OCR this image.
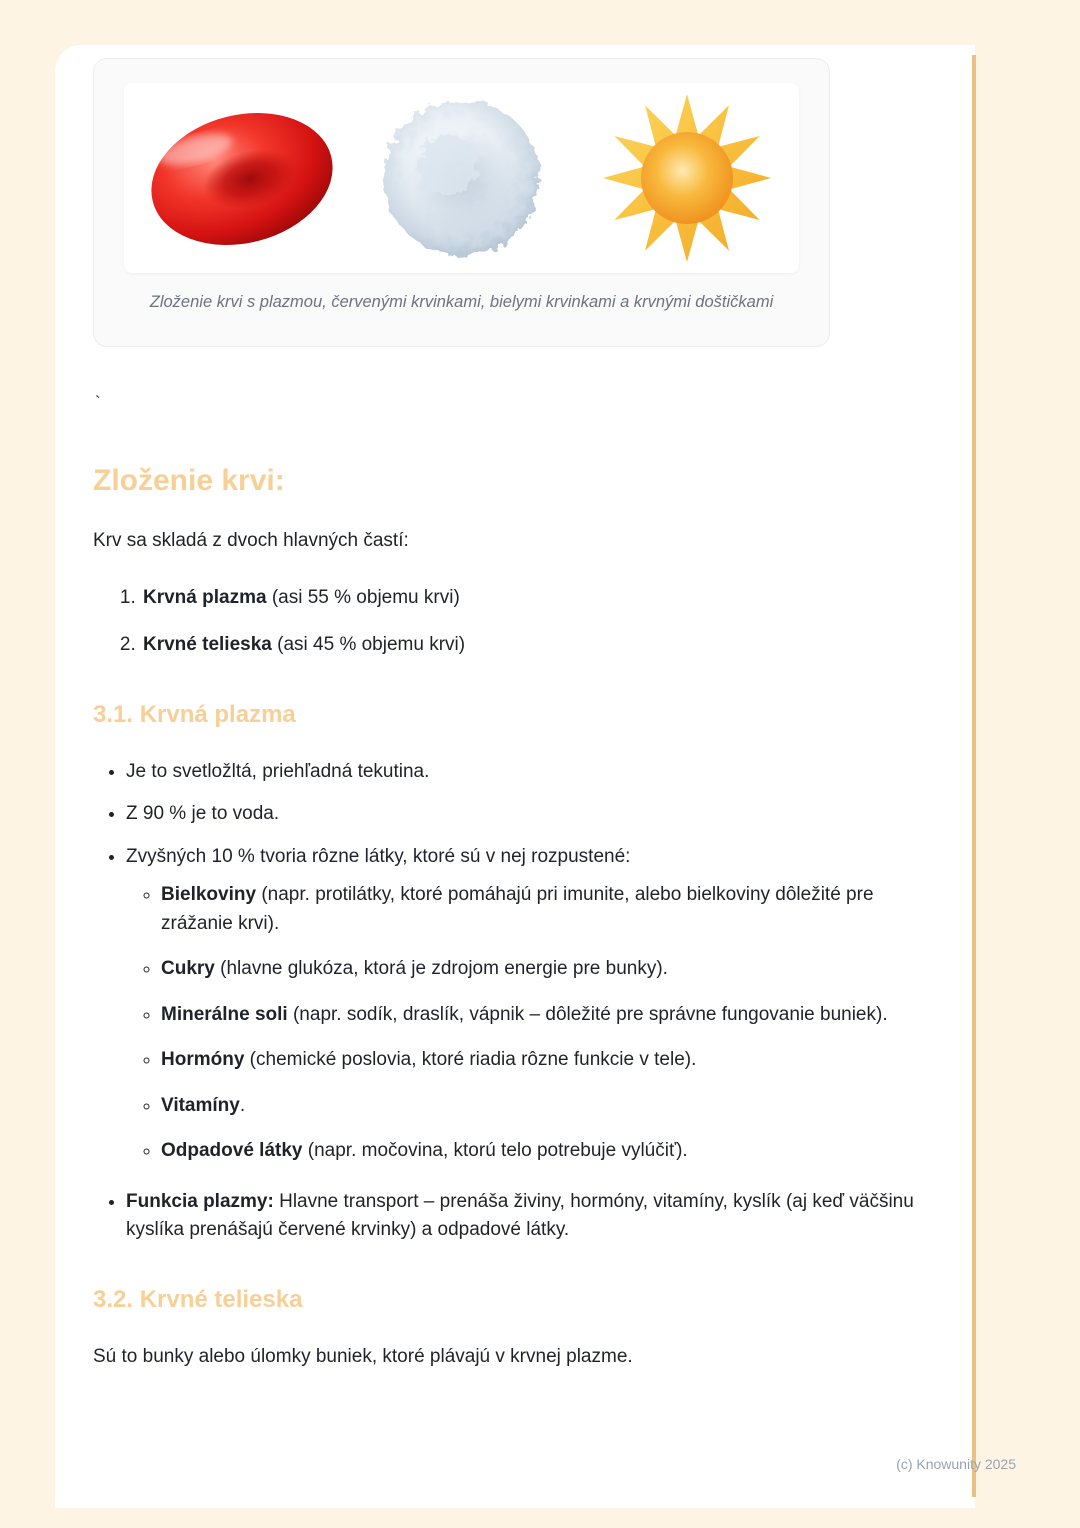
Zloženie krvi s plazmou, červenými krvinkami, bielymi krvinkami a krvnými doštičkami
`
Zloženie krvi:

Krv sa skladá z dvoch hlavných častí:

1. Krvná plazma (asi 55 % objemu krvi)
2. Krvné telieska (asi 45 % objemu krvi)
3.1. Krvná plazma
• Je to svetložltá, priehľadná tekutina.
• Z 90 % je to voda.
• Zvyšných 10 % tvoria rôzne látky, ktoré sú v nej rozpustené:
◦ Bielkoviny (napr. protilátky, ktoré pomáhajú pri imunite, alebo bielkoviny dôležité pre zrážanie krvi).
◦ Cukry (hlavne glukóza, ktorá je zdrojom energie pre bunky).
◦ Minerálne soli (napr. sodík, draslík, vápnik – dôležité pre správne fungovanie buniek).
◦ Hormóny (chemické poslovia, ktoré riadia rôzne funkcie v tele).
◦ Vitamíny.
◦ Odpadové látky (napr. močovina, ktorú telo potrebuje vylúčiť).
• Funkcia plazmy: Hlavne transport – prenáša živiny, hormóny, vitamíny, kyslík (aj keď väčšinu kyslíka prenášajú červené krvinky) a odpadové látky.
3.2. Krvné telieska

Sú to bunky alebo úlomky buniek, ktoré plávajú v krvnej plazme.

(c) Knowunity 2025
